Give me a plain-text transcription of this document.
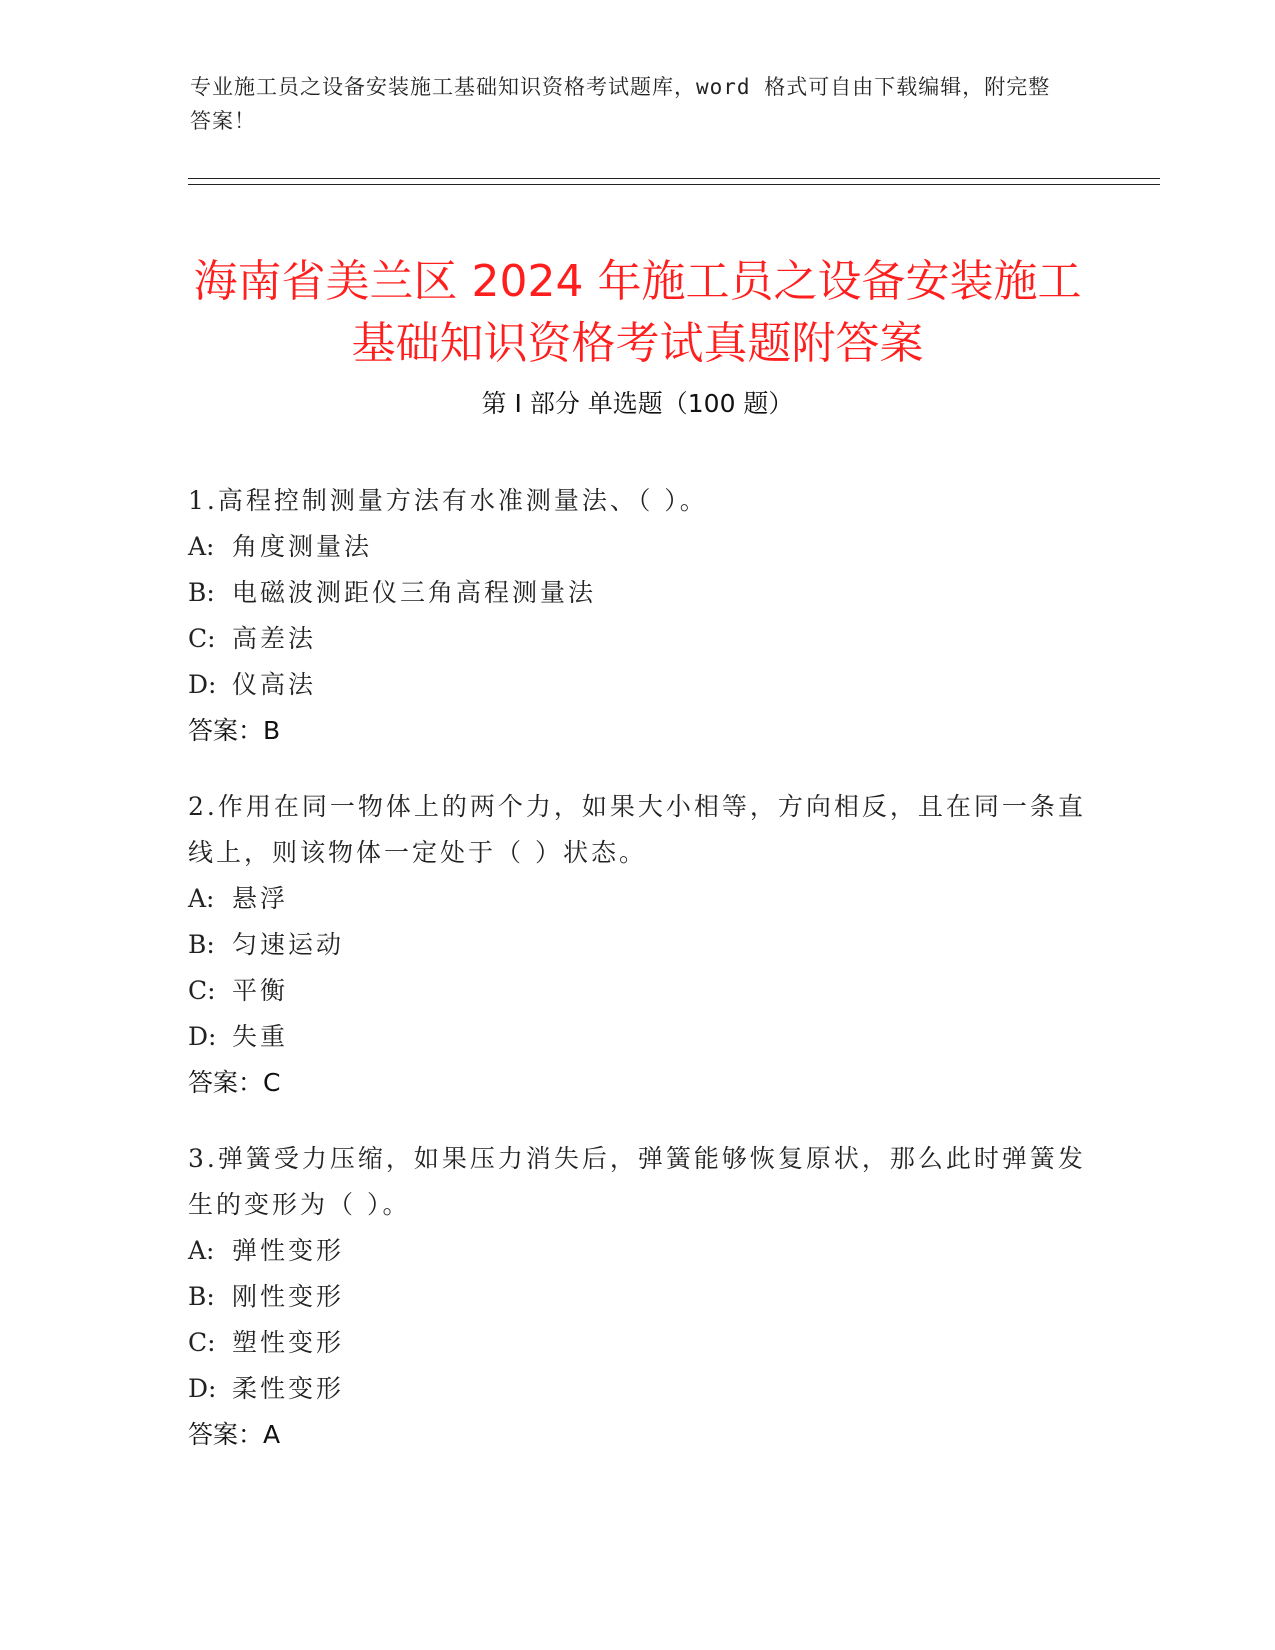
专业施工员之设备安装施工基础知识资格考试题库，word 格式可自由下载编辑，附完整答案！
海南省美兰区 2024 年施工员之设备安装施工
基础知识资格考试真题附答案
第 I 部分 单选题（100 题）
1.高程控制测量方法有水准测量法、（ ）。
A: 角度测量法
B: 电磁波测距仪三角高程测量法
C: 高差法
D: 仪高法
答案：B
2.作用在同一物体上的两个力，如果大小相等，方向相反，且在同一条直线上，则该物体一定处于（ ）状态。
A: 悬浮
B: 匀速运动
C: 平衡
D: 失重
答案：C
3.弹簧受力压缩，如果压力消失后，弹簧能够恢复原状，那么此时弹簧发生的变形为（ ）。
A: 弹性变形
B: 刚性变形
C: 塑性变形
D: 柔性变形
答案：A
